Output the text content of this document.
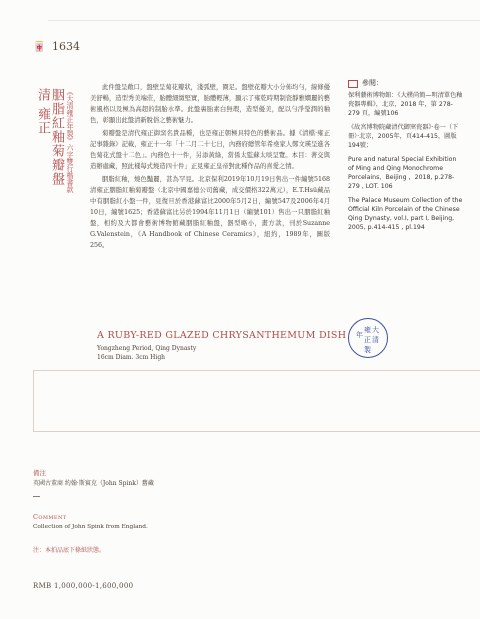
🀄 1634
清 雍正 胭脂紅釉菊瓣盤 《大清雍正年製》六字雙行楷書款

此件盤呈敞口，盤壁呈菊花瓣狀，淺弧壁，圈足。盤壁花瓣大小分佈均勻，線條優美舒暢，造型秀美端莊，胎體細緻堅實，胎體輕薄，顯示了雍乾時期制瓷靜雅嫺麗的藝術風格以及極為高超的制胎水準。此盤裏胎素白無瑕，造型優美，配以勻淨瑩潤的釉色，彰顯出此盤清新脫俗之藝術魅力。

菊瓣盤是清代雍正御窯名貴品種，也是雍正朝極具特色的藝術品。據《清檔·雍正記事雜錄》記載，雍正十一年「十二月二十七日，內務府總管年希堯家人鄭文瑛呈進各色菊花式盤十二色」。內務色十一件，另添黃綠，當係太監蘇太啖呈覽。本目：著交與造辦處藏，照此樣每式燒造四十件」正見雍正皇帝對此種作品的喜愛之情。

胭脂紅釉，燒色豔麗，甚為罕見。北京保利2019年10月19日售出一件編號5168清雍正胭脂紅釉菊瓣盤（北京中國嘉德公司舊藏，成交價格322萬元），E.T.Hsü藏品中有胭脂紅小盤一件，見復旦於香港蘇富比2000年5月2日，編號547及2006年4月10日，編號1625；香港蘇富比另於1994年11月1日（編號101）售出一只胭脂紅釉盤，相約及大都會藝術博物館藏胭脂紅釉盤，器型略小，畫方款，刊於Suzanne G.Valenstein，《A Handbook of Chinese Ceramics》，紐約，1989年，圖版256。

參閱：

保利藝術博物館：《大樸尚簡—明清單色釉瓷器專輯》，北京，2018 年，第 278-279 頁，編號106

《故宮博物院藏清代御窯瓷器》·卷一（下冊）·北京，2005年，頁414-415，圖版194號；

Pure and natural Special Exhibition of Ming and Qing Monochrome Porcelains，Beijing ，2018, p.278-279 , LOT. 106

The Palace Museum Collection of the Official Kiln Porcelain of the Chinese Qing Dynasty, vol.I, part I, Beijing, 2005, p.414-415 , pl.194

A RUBY-RED GLAZED CHRYSANTHEMUM DISH
Yongzheng Period, Qing Dynasty
16cm Diam. 3cm High
大
清
雍
正
年
製
備注
英國古董商 約翰·斯賓克（John Spink）舊藏
Comment
Collection of John Spink from England.
注：本拍品底下條紙狀態。
RMB 1,000,000-1,600,000
